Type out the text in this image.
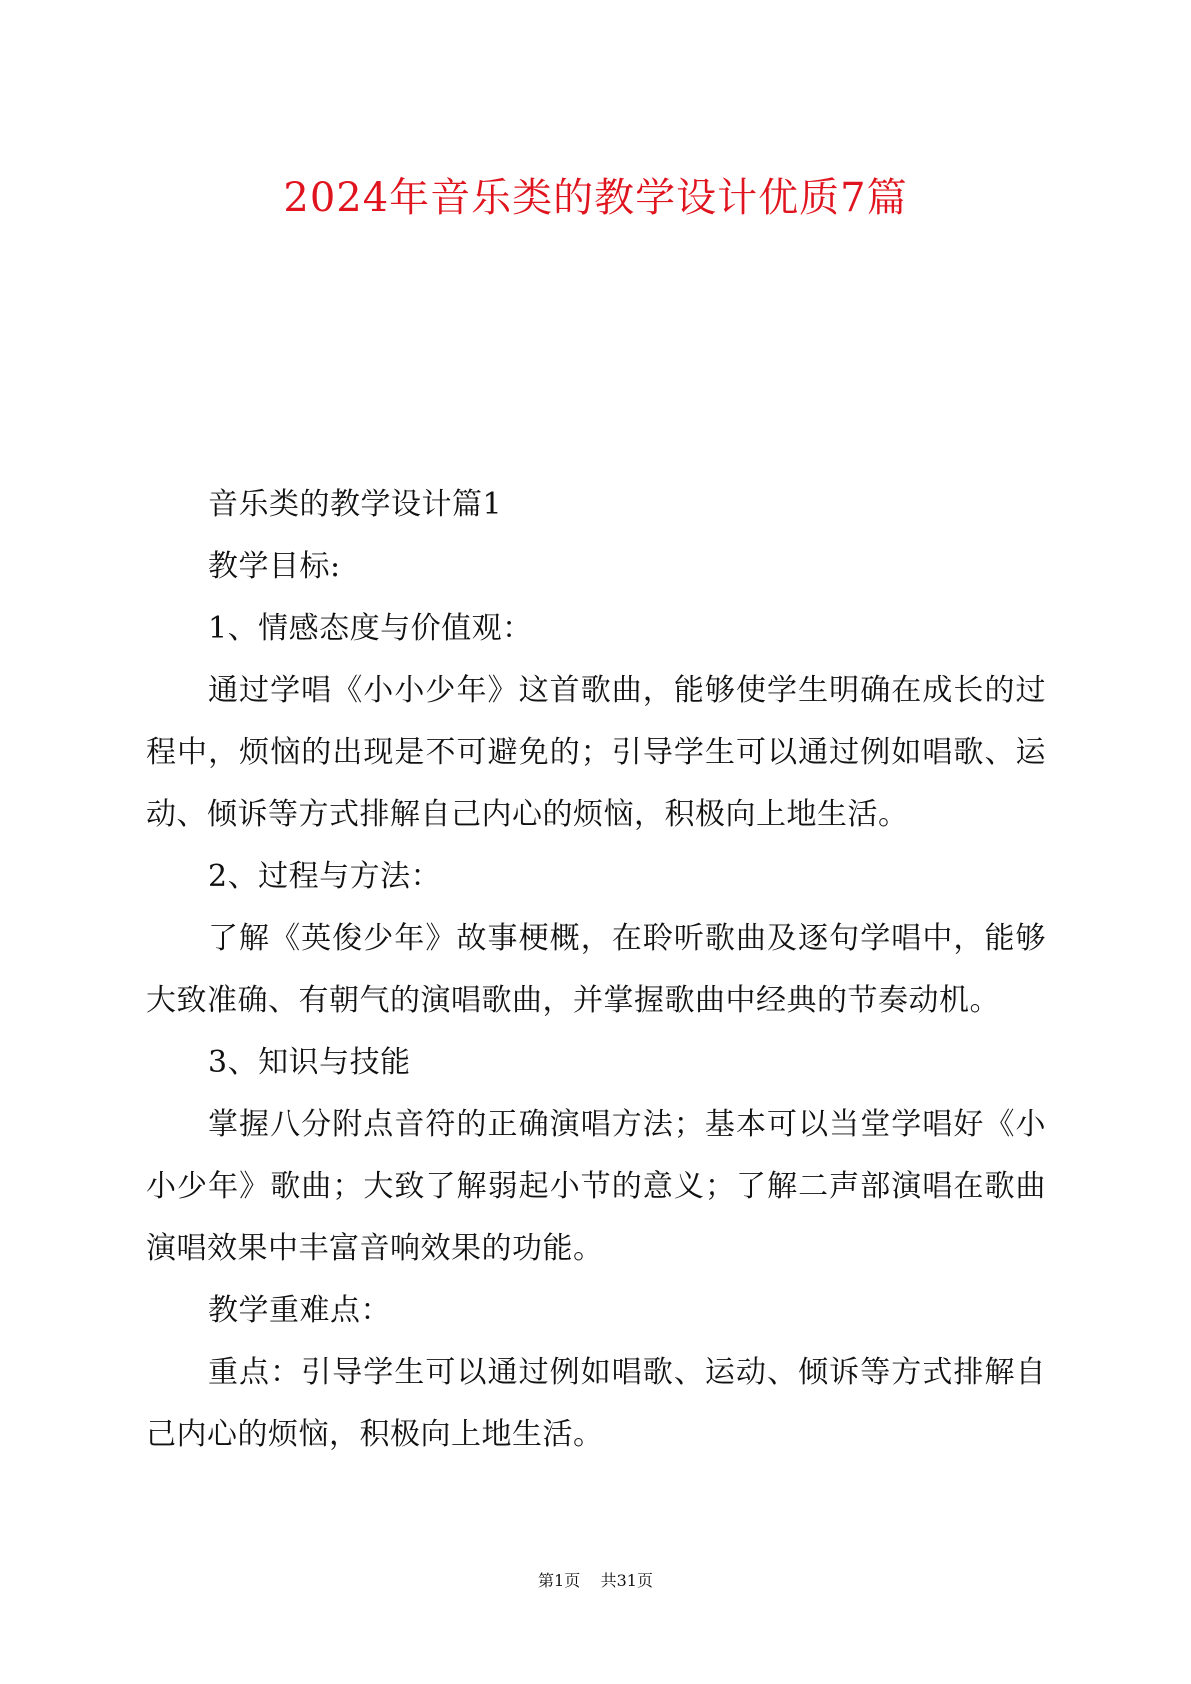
2024年音乐类的教学设计优质7篇

音乐类的教学设计篇1

教学目标:

1、情感态度与价值观：

通过学唱《小小少年》这首歌曲，能够使学生明确在成长的过程中，烦恼的出现是不可避免的；引导学生可以通过例如唱歌、运动、倾诉等方式排解自己内心的烦恼，积极向上地生活。

2、过程与方法：

了解《英俊少年》故事梗概，在聆听歌曲及逐句学唱中，能够大致准确、有朝气的演唱歌曲，并掌握歌曲中经典的节奏动机。

3、知识与技能

掌握八分附点音符的正确演唱方法；基本可以当堂学唱好《小小少年》歌曲；大致了解弱起小节的意义；了解二声部演唱在歌曲演唱效果中丰富音响效果的功能。

教学重难点：

重点：引导学生可以通过例如唱歌、运动、倾诉等方式排解自己内心的烦恼，积极向上地生活。

第1页 共31页
